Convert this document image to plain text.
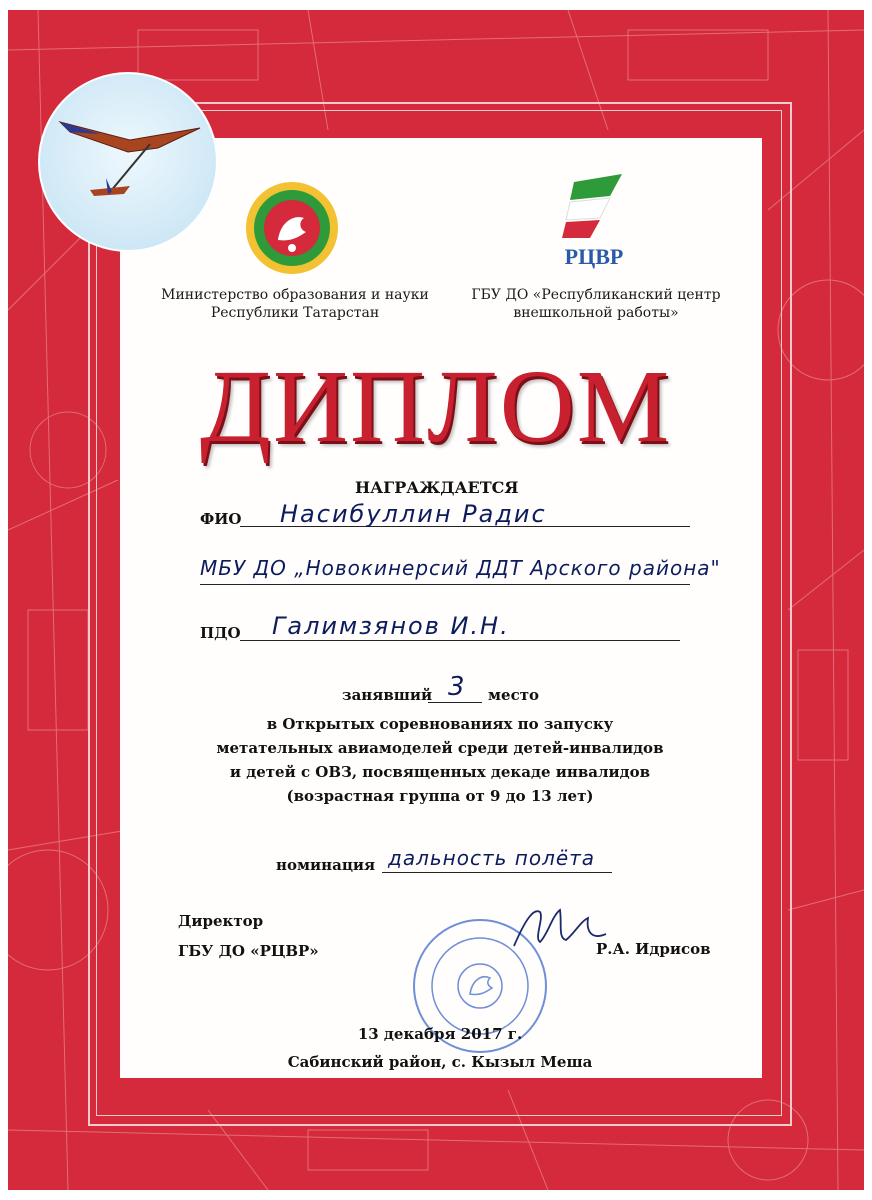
РЦВР
Министерство образования и науки
Республики Татарстан
ГБУ ДО «Республиканский центр
внешкольной работы»
ДИПЛОМ
НАГРАЖДАЕТСЯ
ФИО Насибуллин Радис
МБУ ДО „Новокинерсий ДДТ Арского района"
ПДО Галимзянов И.Н.
занявший 3 место
в Открытых соревнованиях по запуску
метательных авиамоделей среди детей-инвалидов
и детей с ОВЗ, посвященных декаде инвалидов
(возрастная группа от 9 до 13 лет)
номинация дальность полёта
Директор
ГБУ ДО «РЦВР»	Р.А. Идрисов
13 декабря 2017 г.
Сабинский район, с. Кызыл Меша
